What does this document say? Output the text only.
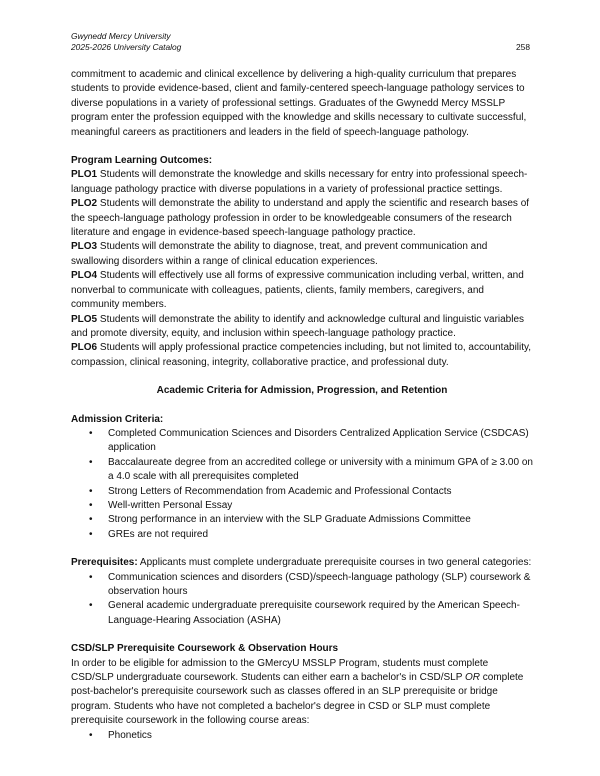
Gwynedd Mercy University
2025-2026 University Catalog	258

commitment to academic and clinical excellence by delivering a high-quality curriculum that prepares students to provide evidence-based, client and family-centered speech-language pathology services to diverse populations in a variety of professional settings. Graduates of the Gwynedd Mercy MSSLP program enter the profession equipped with the knowledge and skills necessary to cultivate successful, meaningful careers as practitioners and leaders in the field of speech-language pathology.

Program Learning Outcomes:

PLO1 Students will demonstrate the knowledge and skills necessary for entry into professional speech-language pathology practice with diverse populations in a variety of professional practice settings.

PLO2 Students will demonstrate the ability to understand and apply the scientific and research bases of the speech-language pathology profession in order to be knowledgeable consumers of the research literature and engage in evidence-based speech-language pathology practice.

PLO3 Students will demonstrate the ability to diagnose, treat, and prevent communication and swallowing disorders within a range of clinical education experiences.

PLO4 Students will effectively use all forms of expressive communication including verbal, written, and nonverbal to communicate with colleagues, patients, clients, family members, caregivers, and community members.

PLO5 Students will demonstrate the ability to identify and acknowledge cultural and linguistic variables and promote diversity, equity, and inclusion within speech-language pathology practice.

PLO6 Students will apply professional practice competencies including, but not limited to, accountability, compassion, clinical reasoning, integrity, collaborative practice, and professional duty.

Academic Criteria for Admission, Progression, and Retention

Admission Criteria:

• Completed Communication Sciences and Disorders Centralized Application Service (CSDCAS) application
• Baccalaureate degree from an accredited college or university with a minimum GPA of ≥ 3.00 on a 4.0 scale with all prerequisites completed
• Strong Letters of Recommendation from Academic and Professional Contacts
• Well-written Personal Essay
• Strong performance in an interview with the SLP Graduate Admissions Committee
• GREs are not required

Prerequisites: Applicants must complete undergraduate prerequisite courses in two general categories:

• Communication sciences and disorders (CSD)/speech-language pathology (SLP) coursework & observation hours
• General academic undergraduate prerequisite coursework required by the American Speech-Language-Hearing Association (ASHA)

CSD/SLP Prerequisite Coursework & Observation Hours

In order to be eligible for admission to the GMercyU MSSLP Program, students must complete CSD/SLP undergraduate coursework. Students can either earn a bachelor's in CSD/SLP OR complete post-bachelor's prerequisite coursework such as classes offered in an SLP prerequisite or bridge program. Students who have not completed a bachelor's degree in CSD or SLP must complete prerequisite coursework in the following course areas:

• Phonetics
